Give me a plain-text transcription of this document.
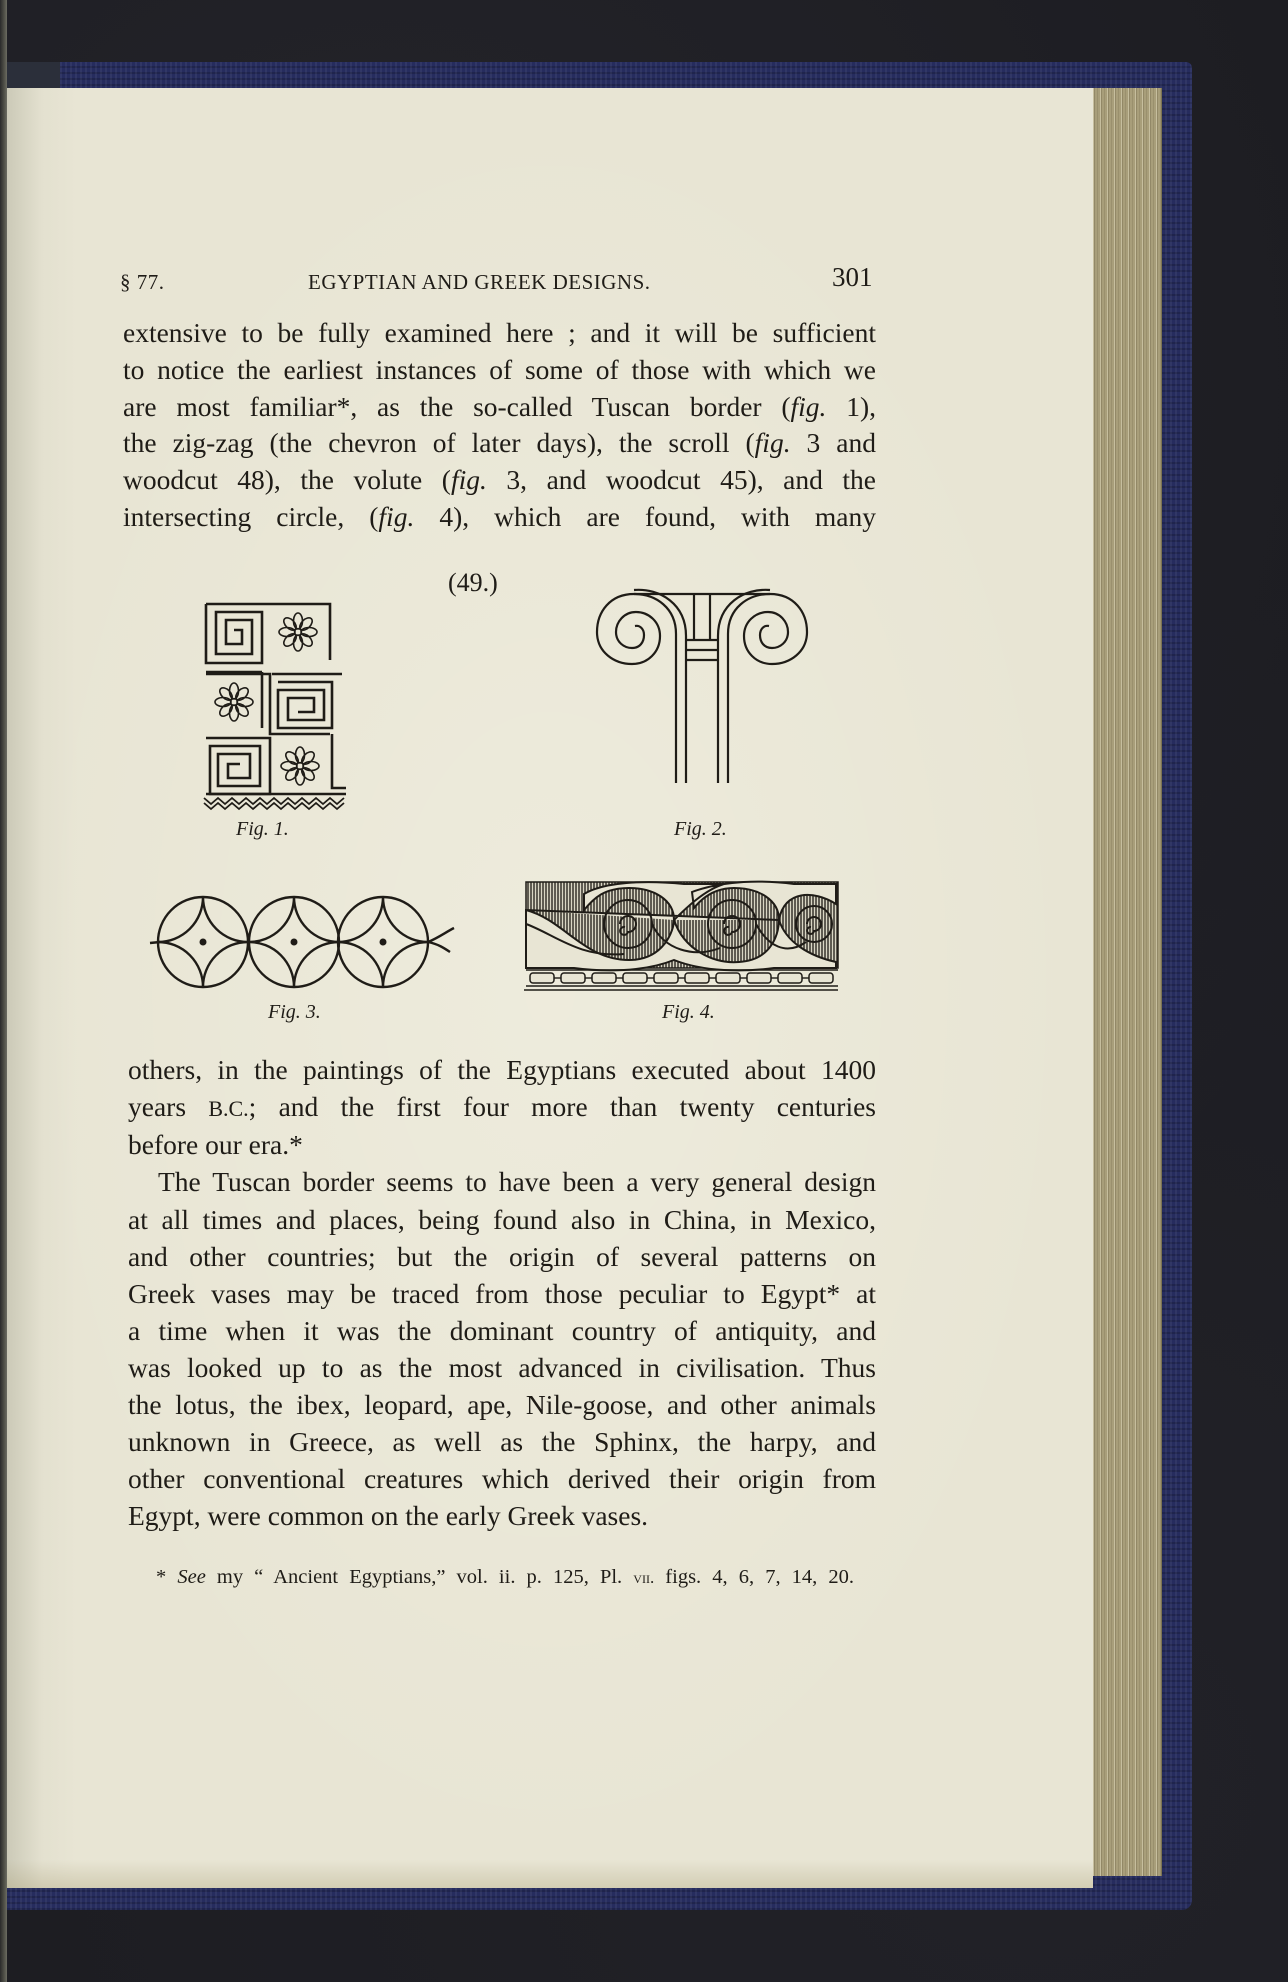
§ 77.	EGYPTIAN AND GREEK DESIGNS.	301
extensive to be fully examined here ; and it will be sufficient
to notice the earliest instances of some of those with which we
are most familiar*, as the so-called Tuscan border (fig. 1),
the zig-zag (the chevron of later days), the scroll (fig. 3 and
woodcut 48), the volute (fig. 3, and woodcut 45), and the
intersecting circle, (fig. 4), which are found, with many
(49.)
Fig. 1.	Fig. 2.
Fig. 3.	Fig. 4.
others, in the paintings of the Egyptians executed about 1400
years B.C.; and the first four more than twenty centuries
before our era.*
The Tuscan border seems to have been a very general design
at all times and places, being found also in China, in Mexico,
and other countries; but the origin of several patterns on
Greek vases may be traced from those peculiar to Egypt* at
a time when it was the dominant country of antiquity, and
was looked up to as the most advanced in civilisation. Thus
the lotus, the ibex, leopard, ape, Nile-goose, and other animals
unknown in Greece, as well as the Sphinx, the harpy, and
other conventional creatures which derived their origin from
Egypt, were common on the early Greek vases.
* See my “ Ancient Egyptians,” vol. ii. p. 125, Pl. vii. figs. 4, 6, 7, 14, 20.
